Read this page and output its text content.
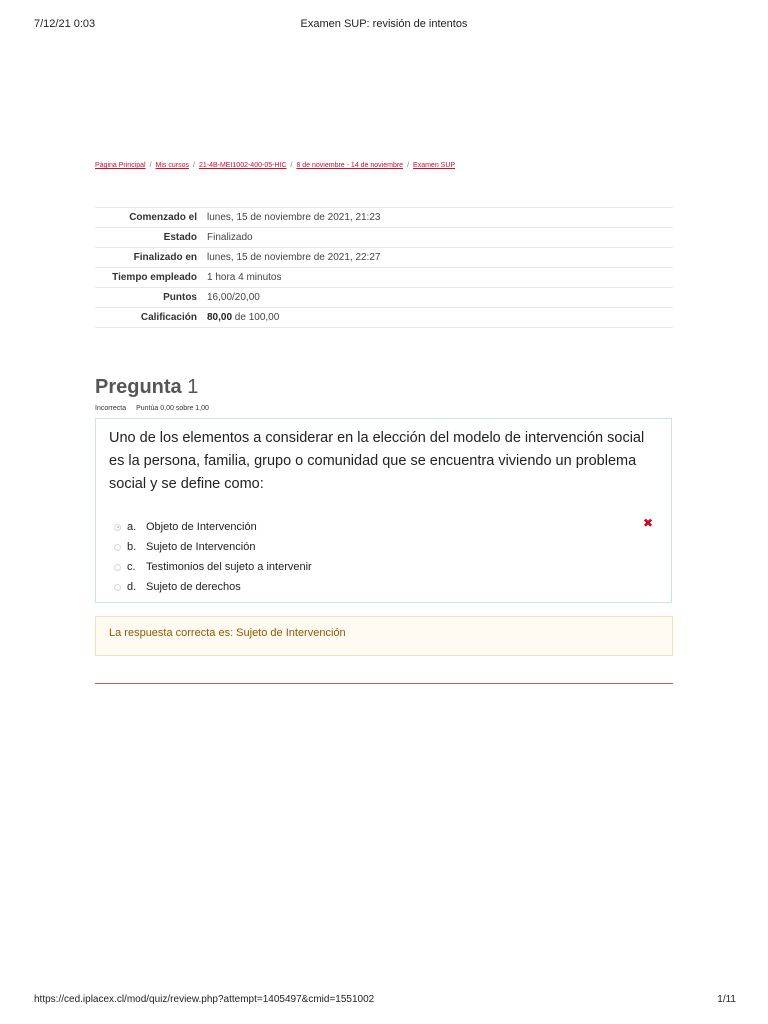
7/12/21 0:03	Examen SUP: revisión de intentos
Página Principal / Mis cursos / 21-4B-MEI1002-400-05-HIC / 8 de noviembre - 14 de noviembre / Examen SUP
Comenzado el	lunes, 15 de noviembre de 2021, 21:23
Estado	Finalizado
Finalizado en	lunes, 15 de noviembre de 2021, 22:27
Tiempo empleado	1 hora 4 minutos
Puntos	16,00/20,00
Calificación	80,00 de 100,00
Pregunta 1
Incorrecta Puntúa 0,00 sobre 1,00
Uno de los elementos a considerar en la elección del modelo de intervención social es la persona, familia, grupo o comunidad que se encuentra viviendo un problema social y se define como:
a. Objeto de Intervención
b. Sujeto de Intervención
c. Testimonios del sujeto a intervenir
d. Sujeto de derechos
✖
La respuesta correcta es: Sujeto de Intervención
https://ced.iplacex.cl/mod/quiz/review.php?attempt=1405497&cmid=1551002	1/11
